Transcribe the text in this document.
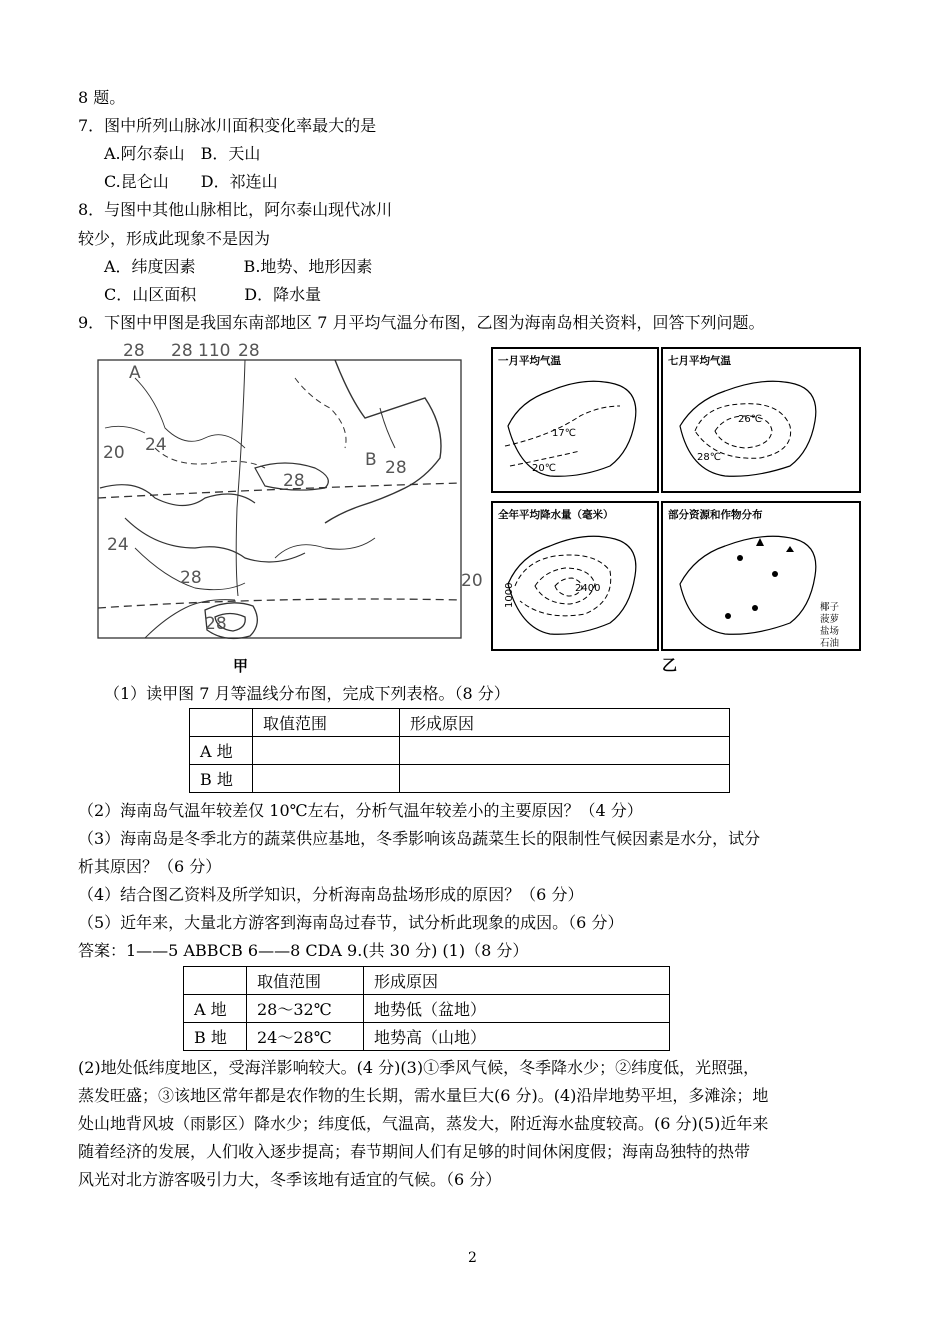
8 题。
7．图中所列山脉冰川面积变化率最大的是
A.阿尔泰山　B．天山
C.昆仑山　　D．祁连山
8．与图中其他山脉相比，阿尔泰山现代冰川
较少，形成此现象不是因为
A．纬度因素　　　B.地势、地形因素
C．山区面积　　　D．降水量
9．下图中甲图是我国东南部地区 7 月平均气温分布图，乙图为海南岛相关资料，回答下列问题。
28 28 110 28
A
20 24
B 28
28
24
28
28
20
甲
一月平均气温	七月平均气温
全年平均降水量（毫米）	部分资源和作物分布
17℃
20℃
26℃
28℃
2400
1000	椰子
菠萝
盐场
石油
乙
（1）读甲图 7 月等温线分布图，完成下列表格。（8 分）
	取值范围	形成原因
A 地		
B 地		
（2）海南岛气温年较差仅 10℃左右，分析气温年较差小的主要原因？（4 分）
（3）海南岛是冬季北方的蔬菜供应基地，冬季影响该岛蔬菜生长的限制性气候因素是水分，试分
析其原因？（6 分）
（4）结合图乙资料及所学知识，分析海南岛盐场形成的原因？（6 分）
（5）近年来，大量北方游客到海南岛过春节，试分析此现象的成因。（6 分）
答案：1——5 ABBCB 6——8 CDA 9.(共 30 分) (1)（8 分）
	取值范围	形成原因
A 地	28～32℃	地势低（盆地）
B 地	24～28℃	地势高（山地）
(2)地处低纬度地区，受海洋影响较大。(4 分)(3)①季风气候，冬季降水少；②纬度低，光照强，
蒸发旺盛；③该地区常年都是农作物的生长期，需水量巨大(6 分)。(4)沿岸地势平坦，多滩涂；地
处山地背风坡（雨影区）降水少；纬度低，气温高，蒸发大，附近海水盐度较高。(6 分)(5)近年来
随着经济的发展，人们收入逐步提高；春节期间人们有足够的时间休闲度假；海南岛独特的热带
风光对北方游客吸引力大，冬季该地有适宜的气候。（6 分）
2
